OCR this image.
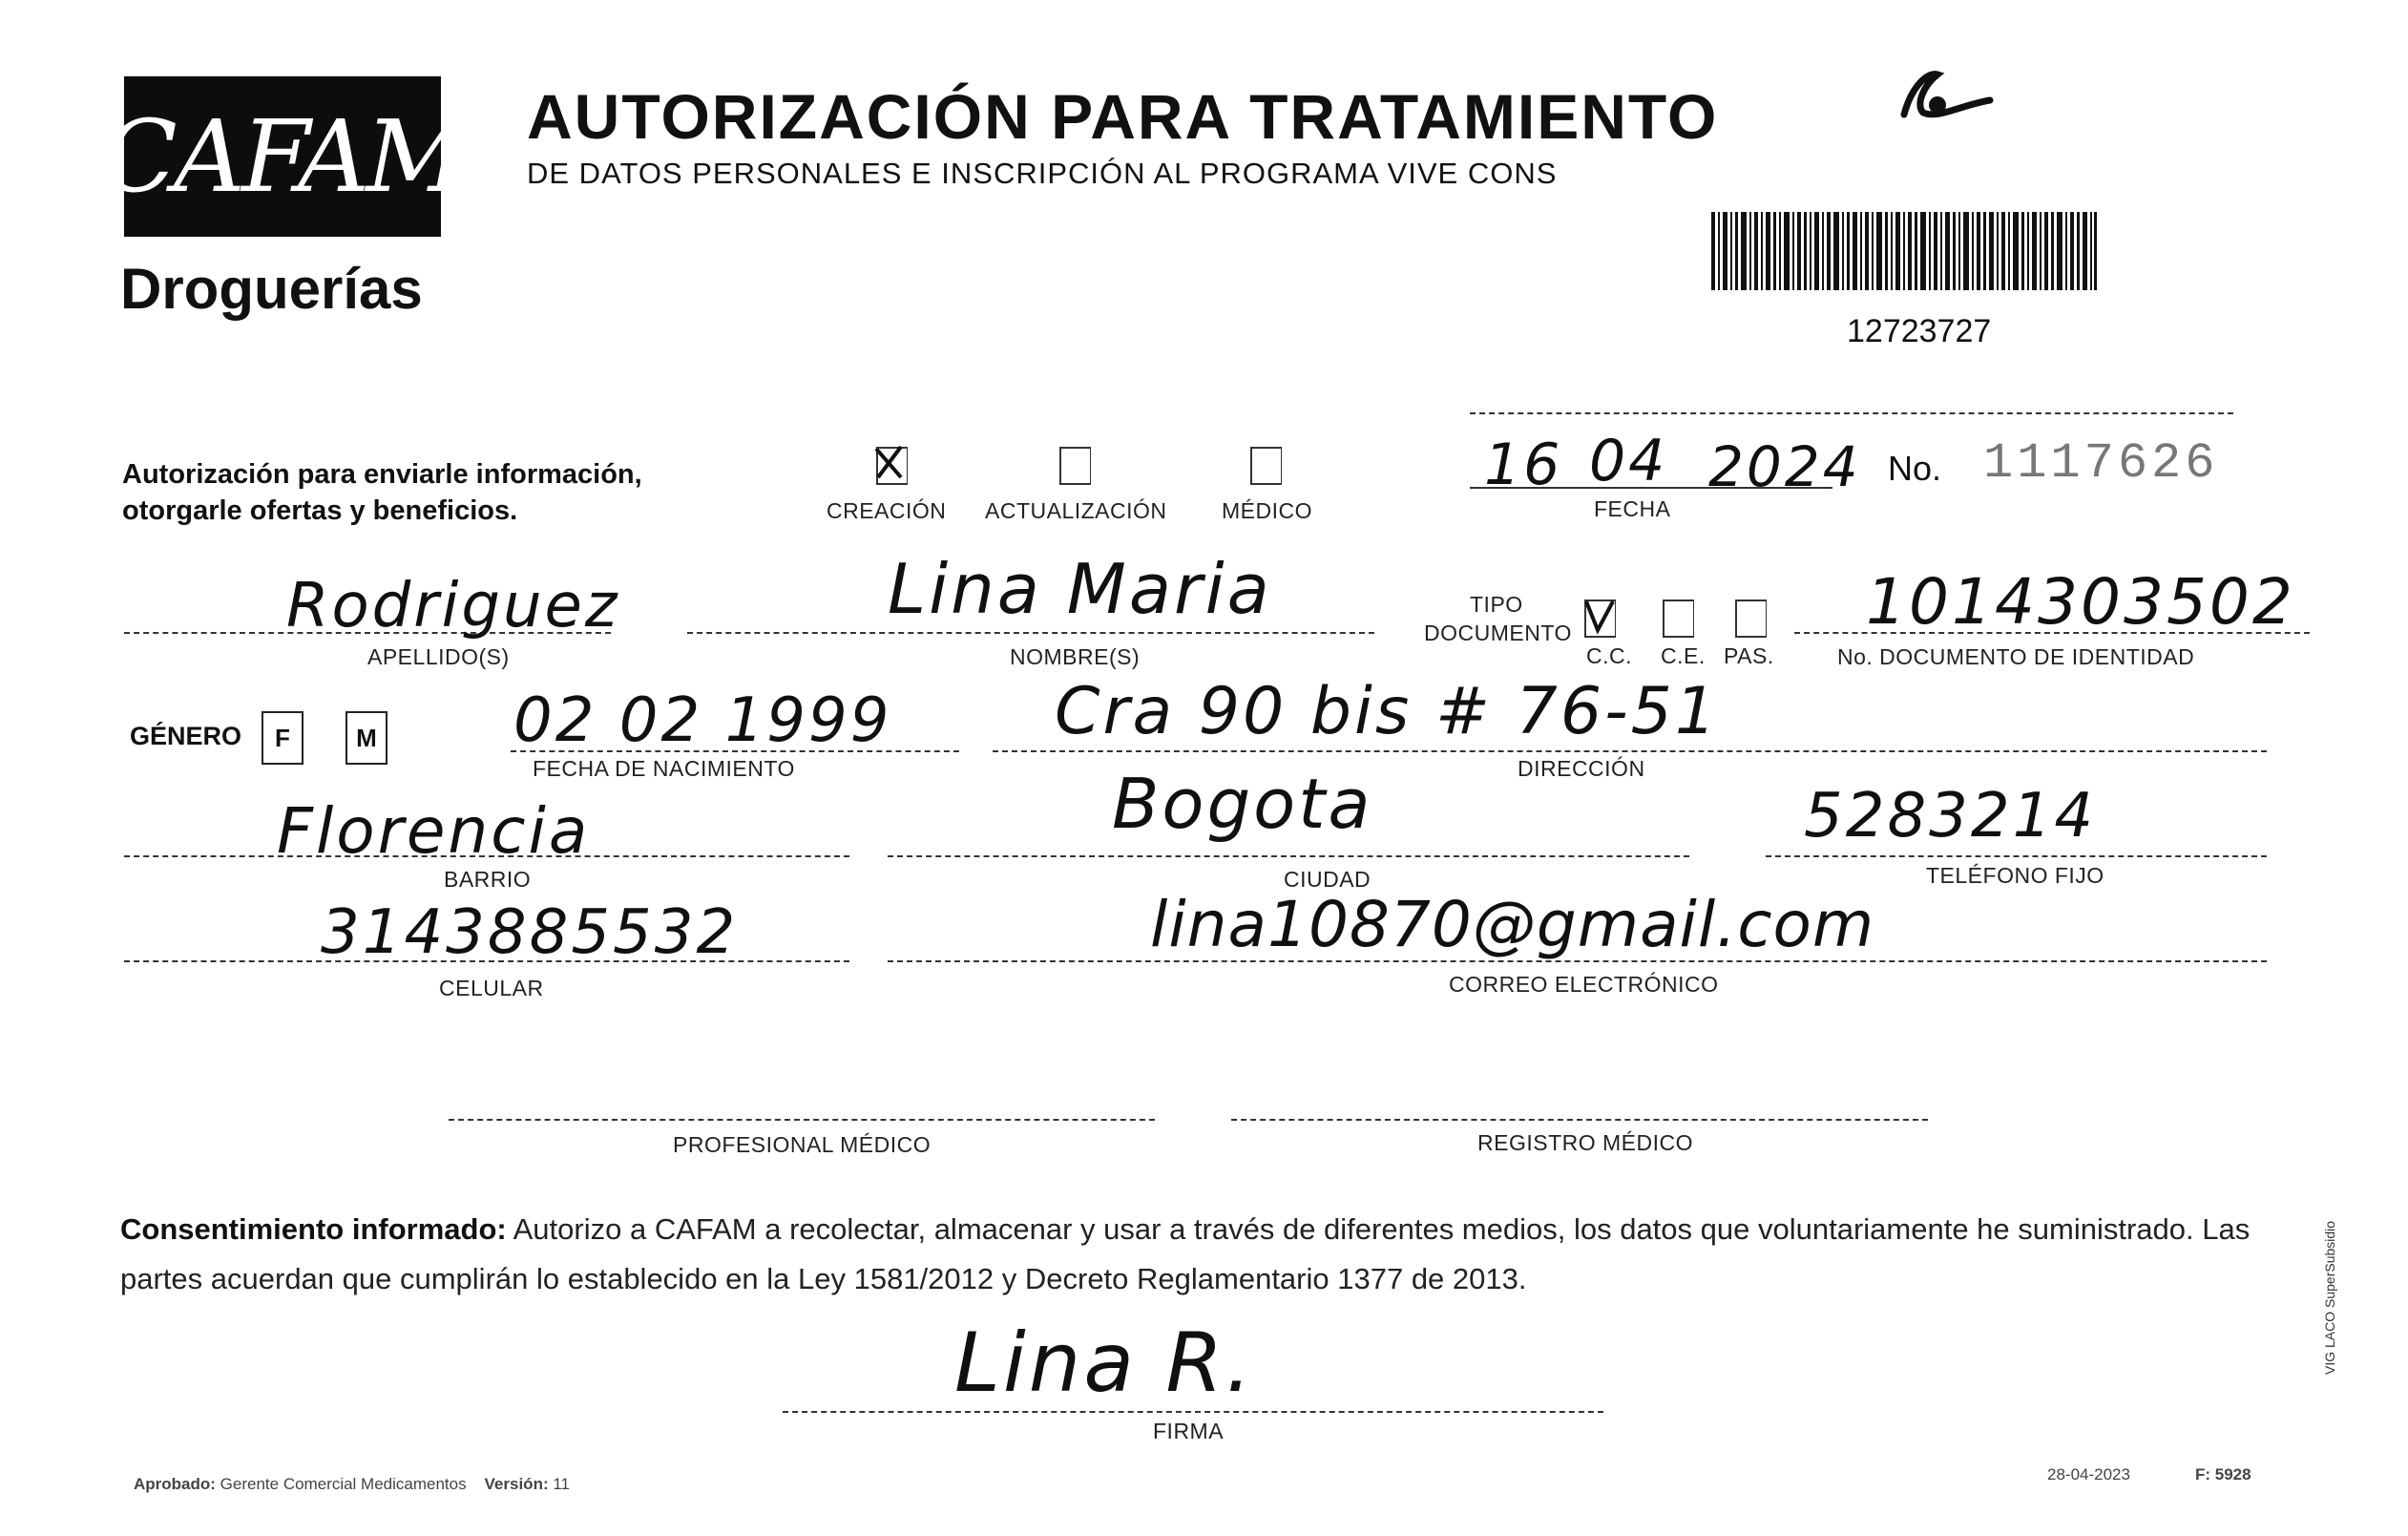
CAFAM
Droguerías
AUTORIZACIÓN PARA TRATAMIENTO
DE DATOS PERSONALES E INSCRIPCIÓN AL PROGRAMA VIVE CONS
12723727
Autorización para enviarle información,
otorgarle ofertas y beneficios.	CREACIÓN ACTUALIZACIÓN MÉDICO
16 04 2024
FECHA
No. 1117626
Rodriguez
APELLIDO(S)
Lina Maria
NOMBRE(S)
TIPO
DOCUMENTO
C.C. C.E. PAS.
1014303502
No. DOCUMENTO DE IDENTIDAD
GÉNERO F	M 02 02 1999
FECHA DE NACIMIENTO
Cra 90 bis # 76-51
DIRECCIÓN
Florencia
BARRIO
Bogota
CIUDAD
5283214
TELÉFONO FIJO
3143885532
CELULAR
lina10870@gmail.com
CORREO ELECTRÓNICO
PROFESIONAL MÉDICO	REGISTRO MÉDICO
Consentimiento informado: Autorizo a CAFAM a recolectar, almacenar y usar a través de diferentes medios, los datos que voluntariamente he suministrado. Las partes acuerdan que cumplirán lo establecido en la Ley 1581/2012 y Decreto Reglamentario 1377 de 2013.
Lina R.
FIRMA
Aprobado: Gerente Comercial Medicamentos Versión: 11
28-04-2023	F: 5928
VIG LACO SuperSubsidio
